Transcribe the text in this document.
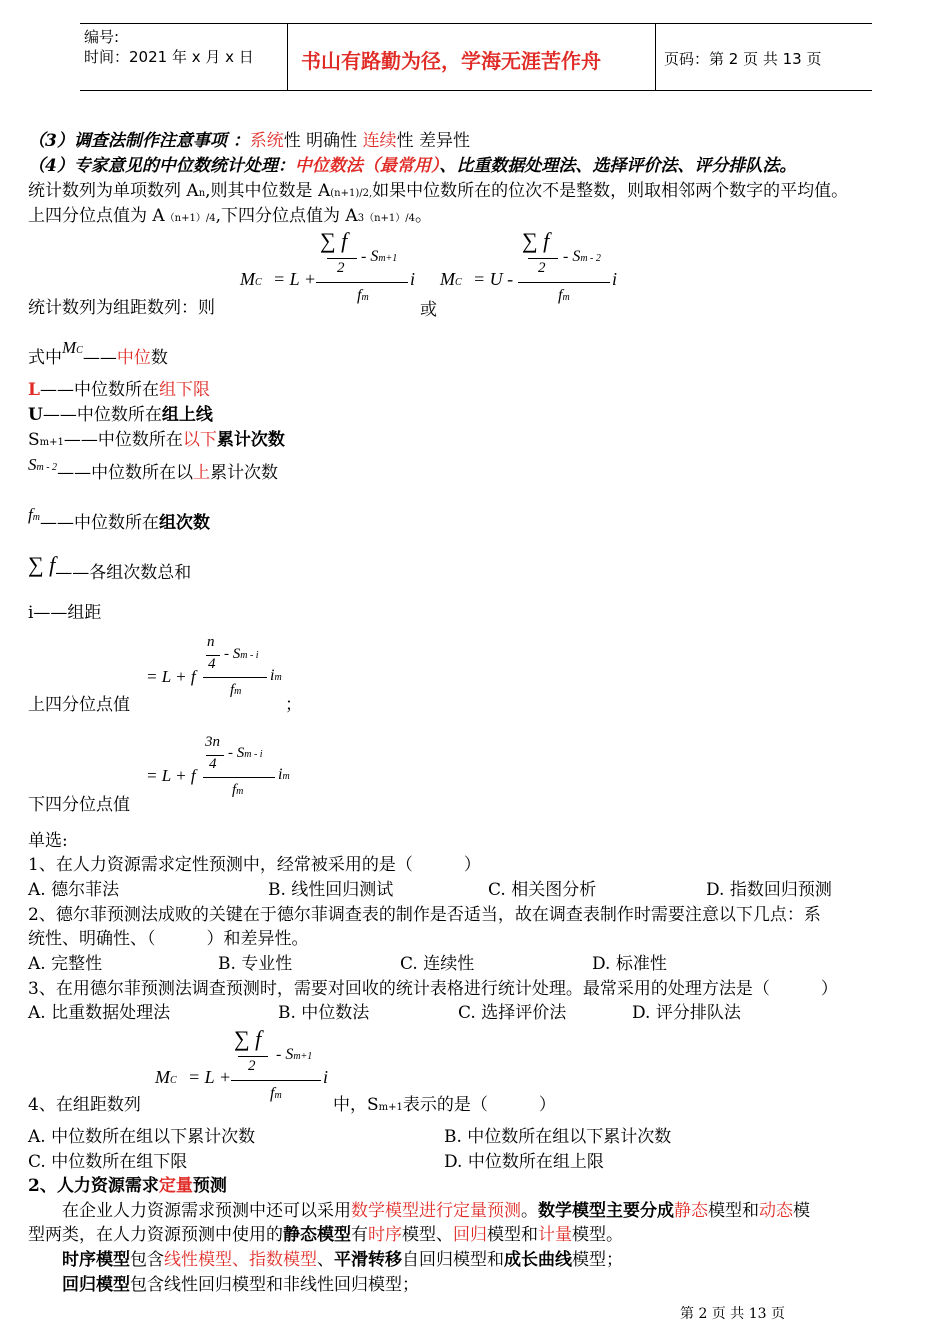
编号:
时间：2021 年 x 月 x 日 书山有路勤为径，学海无涯苦作舟	页码：第 2 页 共 13 页
（3）调查法制作注意事项 ：系统性 明确性 连续性 差异性
（4）专家意见的中位数统计处理：中位数法（最常用）、比重数据处理法、选择评价法、评分排队法。
统计数列为单项数列 An,则其中位数是 A(n+1)/2,如果中位数所在的位次不是整数，则取相邻两个数字的平均值。
上四分位点值为 A（n+1）/4,下四分位点值为 A3（n+1）/4。
统计数列为组距数列：则
MC = L +
∑ f
2
- Sm+1
fm
i
或
MC = U -
∑ f
2
- Sm - 2
fm
i
式中MC——中位数
L——中位数所在组下限
U——中位数所在组上线
Sm+1——中位数所在以下累计次数
Sm - 2——中位数所在以上累计次数
fm——中位数所在组次数
∑ f——各组次数总和
i——组距
上四分位点值
= L + f
n
4
- Sm - i
fm
im
；
下四分位点值
= L + f
3n
4
- Sm - i
fm
im
单选:
1、在人力资源需求定性预测中，经常被采用的是（　　　）
A. 德尔菲法	B. 线性回归测试	C. 相关图分析	D. 指数回归预测
2、德尔菲预测法成败的关键在于德尔菲调查表的制作是否适当，故在调查表制作时需要注意以下几点：系
统性、明确性、（　　　）和差异性。
A. 完整性	B. 专业性	C. 连续性	D. 标准性
3、在用德尔菲预测法调查预测时，需要对回收的统计表格进行统计处理。最常采用的处理方法是（　　　）
A. 比重数据处理法	B. 中位数法	C. 选择评价法	D. 评分排队法
MC = L +
∑ f
2
- Sm+1
fm
i
4、在组距数列	中，Sm+1表示的是（　　　）
A. 中位数所在组以下累计次数	B. 中位数所在组以下累计次数
C. 中位数所在组下限	D. 中位数所在组上限
2、人力资源需求定量预测
在企业人力资源需求预测中还可以采用数学模型进行定量预测。数学模型主要分成静态模型和动态模
型两类，在人力资源预测中使用的静态模型有时序模型、回归模型和计量模型。
时序模型包含线性模型、指数模型、平滑转移自回归模型和成长曲线模型；
回归模型包含线性回归模型和非线性回归模型；
第 2 页 共 13 页
